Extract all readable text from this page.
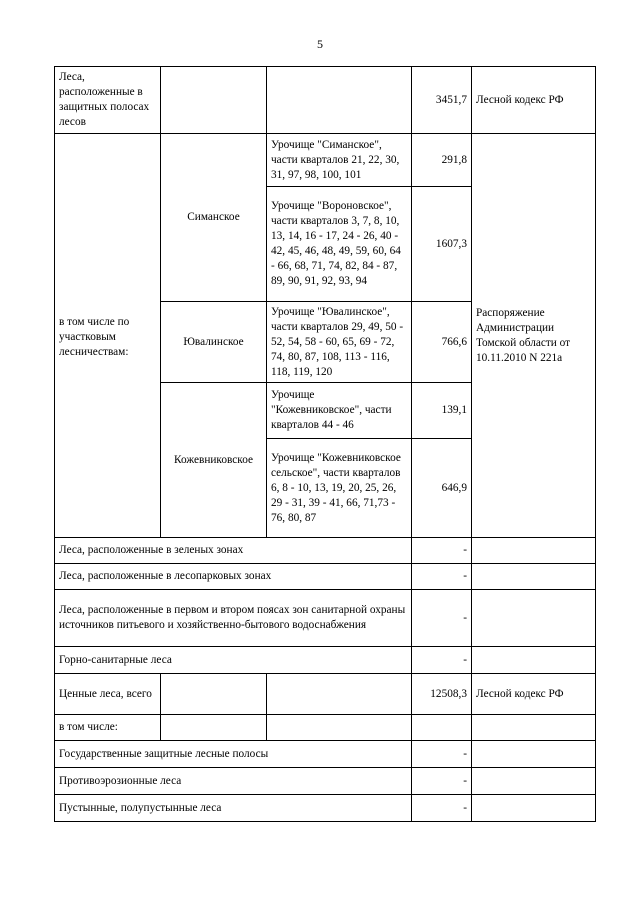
5
Леса, расположенные в защитных полосах лесов			3451,7	Лесной кодекс РФ
в том числе по участковым лесничествам:	Симанское	Урочище "Симанское", части кварталов 21, 22, 30, 31, 97, 98, 100, 101	291,8	Распоряжение Администрации Томской области от 10.11.2010 N 221а
		Урочище "Вороновское", части кварталов 3, 7, 8, 10, 13, 14, 16 - 17, 24 - 26, 40 - 42, 45, 46, 48, 49, 59, 60, 64 - 66, 68, 71, 74, 82, 84 - 87, 89, 90, 91, 92, 93, 94	1607,3	
	Ювалинское	Урочище "Ювалинское", части кварталов 29, 49, 50 - 52, 54, 58 - 60, 65, 69 - 72, 74, 80, 87, 108, 113 - 116, 118, 119, 120	766,6	
	Кожевниковское	Урочище "Кожевниковское", части кварталов 44 - 46	139,1	
		Урочище "Кожевниковское сельское", части кварталов 6, 8 - 10, 13, 19, 20, 25, 26, 29 - 31, 39 - 41, 66, 71,73 - 76, 80, 87	646,9	
Леса, расположенные в зеленых зонах			-	
Леса, расположенные в лесопарковых зонах			-	
Леса, расположенные в первом и втором поясах зон санитарной охраны источников питьевого и хозяйственно-бытового водоснабжения			-	
Горно-санитарные леса			-	
Ценные леса, всего			12508,3	Лесной кодекс РФ
в том числе:				
Государственные защитные лесные полосы			-	
Противоэрозионные леса			-	
Пустынные, полупустынные леса			-	
